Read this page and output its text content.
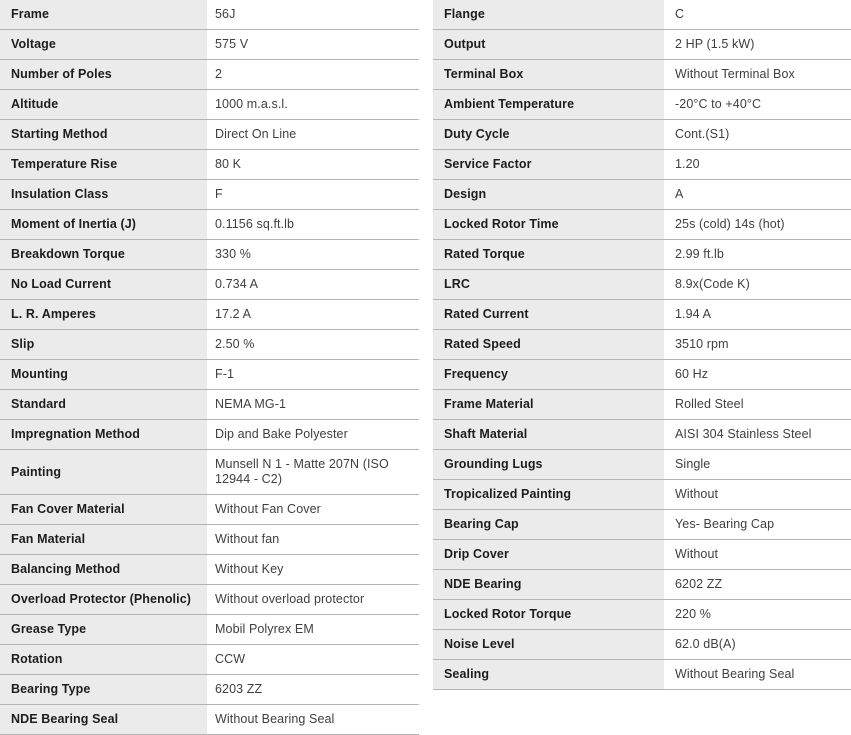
Frame	56J
Voltage	575 V
Number of Poles	2
Altitude	1000 m.a.s.l.
Starting Method	Direct On Line
Temperature Rise	80 K
Insulation Class	F
Moment of Inertia (J)	0.1156 sq.ft.lb
Breakdown Torque	330 %
No Load Current	0.734 A
L. R. Amperes	17.2 A
Slip	2.50 %
Mounting	F-1
Standard	NEMA MG-1
Impregnation Method	Dip and Bake Polyester
Painting	Munsell N 1 - Matte 207N (ISO 12944 - C2)
Fan Cover Material	Without Fan Cover
Fan Material	Without fan
Balancing Method	Without Key
Overload Protector (Phenolic)	Without overload protector
Grease Type	Mobil Polyrex EM
Rotation	CCW
Bearing Type	6203 ZZ
NDE Bearing Seal	Without Bearing Seal
Flange	C
Output	2 HP (1.5 kW)
Terminal Box	Without Terminal Box
Ambient Temperature	-20°C to +40°C
Duty Cycle	Cont.(S1)
Service Factor	1.20
Design	A
Locked Rotor Time	25s (cold) 14s (hot)
Rated Torque	2.99 ft.lb
LRC	8.9x(Code K)
Rated Current	1.94 A
Rated Speed	3510 rpm
Frequency	60 Hz
Frame Material	Rolled Steel
Shaft Material	AISI 304 Stainless Steel
Grounding Lugs	Single
Tropicalized Painting	Without
Bearing Cap	Yes- Bearing Cap
Drip Cover	Without
NDE Bearing	6202 ZZ
Locked Rotor Torque	220 %
Noise Level	62.0 dB(A)
Sealing	Without Bearing Seal
